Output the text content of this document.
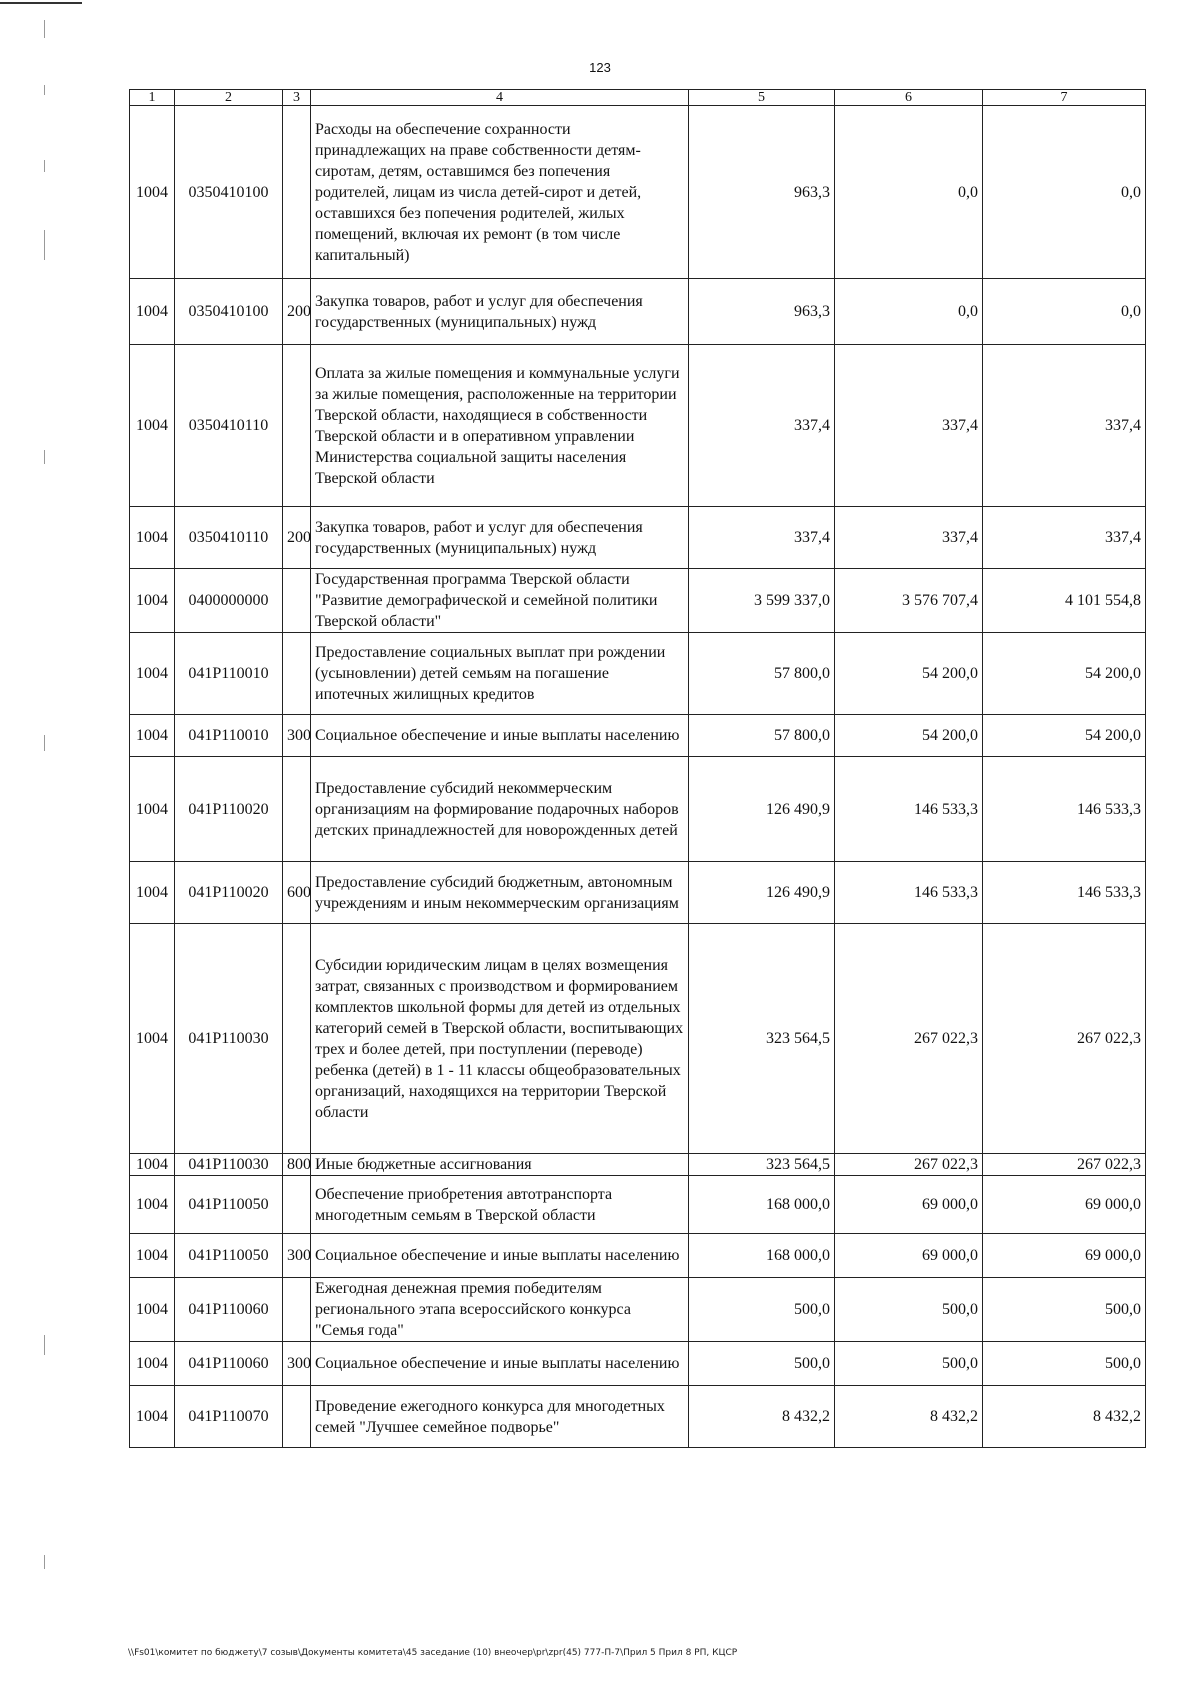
123
1	2	3	4	5	6	7
1004	0350410100		Расходы на обеспечение сохранности принадлежащих на праве собственности детям-сиротам, детям, оставшимся без попечения родителей, лицам из числа детей-сирот и детей, оставшихся без попечения родителей, жилых помещений, включая их ремонт (в том числе капитальный)	963,3	0,0	0,0
1004	0350410100	200	Закупка товаров, работ и услуг для обеспечения государственных (муниципальных) нужд	963,3	0,0	0,0
1004	0350410110		Оплата за жилые помещения и коммунальные услуги за жилые помещения, расположенные на территории Тверской области, находящиеся в собственности Тверской области и в оперативном управлении Министерства социальной защиты населения Тверской области	337,4	337,4	337,4
1004	0350410110	200	Закупка товаров, работ и услуг для обеспечения государственных (муниципальных) нужд	337,4	337,4	337,4
1004	0400000000		Государственная программа Тверской области "Развитие демографической и семейной политики Тверской области"	3 599 337,0	3 576 707,4	4 101 554,8
1004	041P110010		Предоставление социальных выплат при рождении (усыновлении) детей семьям на погашение ипотечных жилищных кредитов	57 800,0	54 200,0	54 200,0
1004	041P110010	300	Социальное обеспечение и иные выплаты населению	57 800,0	54 200,0	54 200,0
1004	041P110020		Предоставление субсидий некоммерческим организациям на формирование подарочных наборов детских принадлежностей для новорожденных детей	126 490,9	146 533,3	146 533,3
1004	041P110020	600	Предоставление субсидий бюджетным, автономным учреждениям и иным некоммерческим организациям	126 490,9	146 533,3	146 533,3
1004	041P110030		Субсидии юридическим лицам в целях возмещения затрат, связанных с производством и формированием комплектов школьной формы для детей из отдельных категорий семей в Тверской области, воспитывающих трех и более детей, при поступлении (переводе) ребенка (детей) в 1 - 11 классы общеобразовательных организаций, находящихся на территории Тверской области	323 564,5	267 022,3	267 022,3
1004	041P110030	800	Иные бюджетные ассигнования	323 564,5	267 022,3	267 022,3
1004	041P110050		Обеспечение приобретения автотранспорта многодетным семьям в Тверской области	168 000,0	69 000,0	69 000,0
1004	041P110050	300	Социальное обеспечение и иные выплаты населению	168 000,0	69 000,0	69 000,0
1004	041P110060		Ежегодная денежная премия победителям регионального этапа всероссийского конкурса "Семья года"	500,0	500,0	500,0
1004	041P110060	300	Социальное обеспечение и иные выплаты населению	500,0	500,0	500,0
1004	041P110070		Проведение ежегодного конкурса для многодетных семей "Лучшее семейное подворье"	8 432,2	8 432,2	8 432,2
\\Fs01\комитет по бюджету\7 созыв\Документы комитета\45 заседание (10) внеочер\pr\zpr(45) 777-П-7\Прил 5 Прил 8 РП, КЦСР
